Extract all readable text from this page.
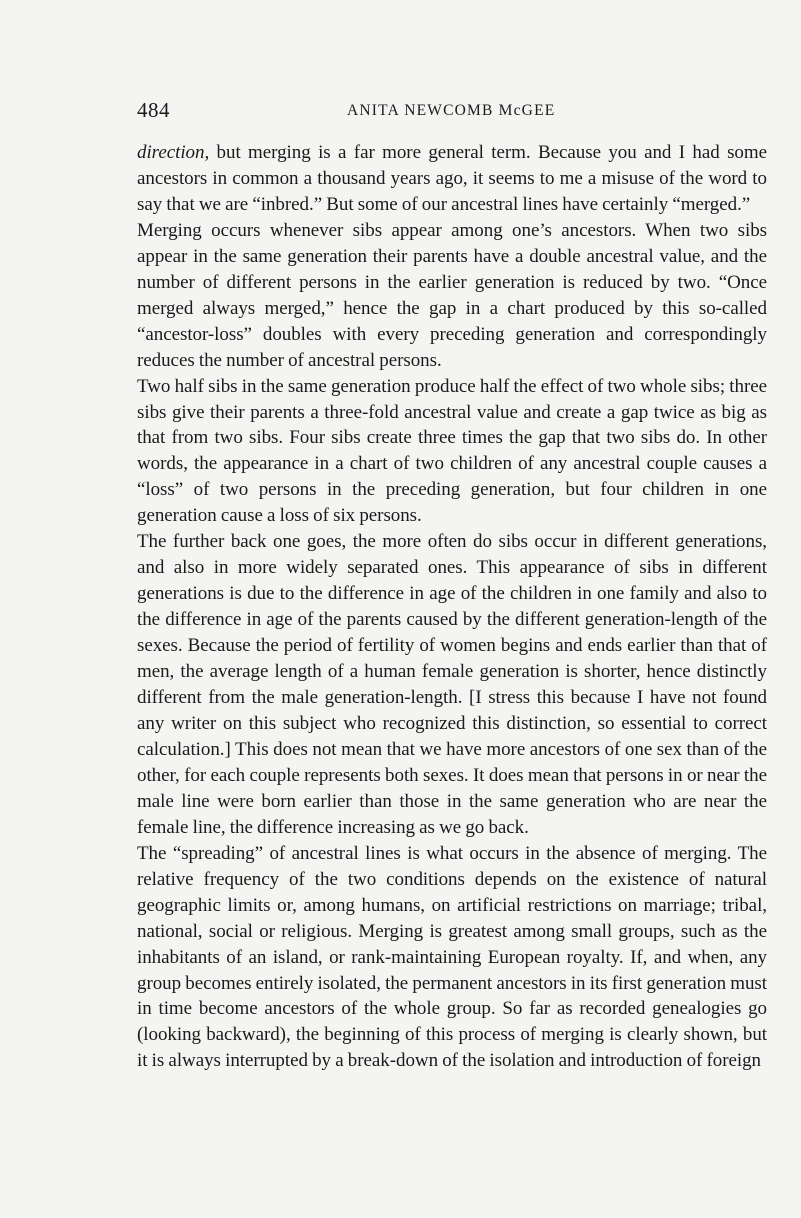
484	ANITA NEWCOMB McGEE

direction, but merging is a far more general term. Because you and I had some ancestors in common a thousand years ago, it seems to me a misuse of the word to say that we are “inbred.” But some of our ancestral lines have certainly “merged.”

Merging occurs whenever sibs appear among one’s ancestors. When two sibs appear in the same generation their parents have a double ancestral value, and the number of different persons in the earlier generation is reduced by two. “Once merged always merged,” hence the gap in a chart produced by this so-called “ancestor-loss” doubles with every preceding generation and correspondingly reduces the number of ancestral persons.

Two half sibs in the same generation produce half the effect of two whole sibs; three sibs give their parents a three-fold ancestral value and create a gap twice as big as that from two sibs. Four sibs create three times the gap that two sibs do. In other words, the appearance in a chart of two children of any ancestral couple causes a “loss” of two persons in the preceding generation, but four children in one generation cause a loss of six persons.

The further back one goes, the more often do sibs occur in different generations, and also in more widely separated ones. This appearance of sibs in different generations is due to the difference in age of the children in one family and also to the difference in age of the parents caused by the different generation-length of the sexes. Because the period of fertility of women begins and ends earlier than that of men, the average length of a human female generation is shorter, hence distinctly different from the male generation-length. [I stress this because I have not found any writer on this subject who recognized this distinction, so essential to correct calculation.] This does not mean that we have more ancestors of one sex than of the other, for each couple represents both sexes. It does mean that persons in or near the male line were born earlier than those in the same generation who are near the female line, the difference increasing as we go back.

The “spreading” of ancestral lines is what occurs in the absence of merging. The relative frequency of the two conditions depends on the existence of natural geographic limits or, among humans, on artificial restrictions on marriage; tribal, national, social or religious. Merging is greatest among small groups, such as the inhabitants of an island, or rank-maintaining European royalty. If, and when, any group becomes entirely isolated, the permanent ancestors in its first generation must in time become ancestors of the whole group. So far as recorded genealogies go (looking backward), the beginning of this process of merging is clearly shown, but it is always interrupted by a break-down of the isolation and introduction of foreign
